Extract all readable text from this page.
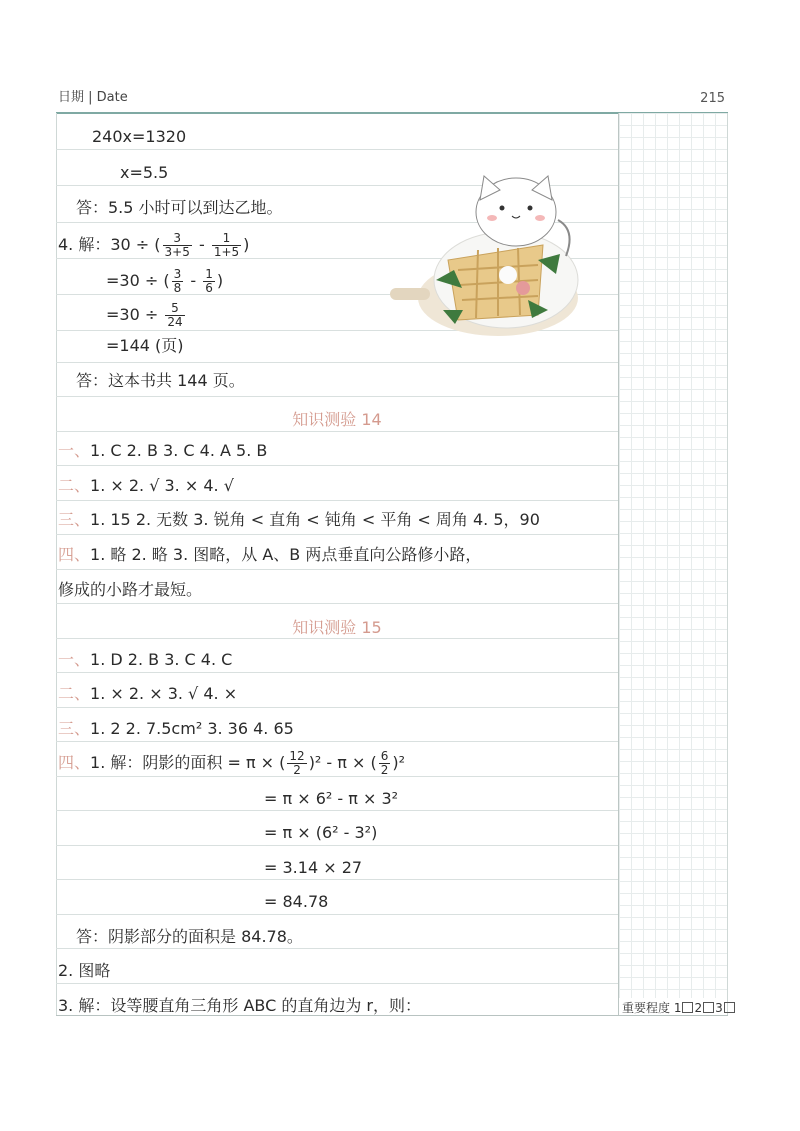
日期 | Date	215
240x=1320
x=5.5
答：5.5 小时可以到达乙地。
4. 解：30 ÷ ( $\frac{3}{3+5} - \frac{1}{1+5}$ )
=30 ÷ ( $\frac{3}{8} - \frac{1}{6}$ )
$=30 \div \frac{5}{24}$
=144 (页)
答：这本书共 144 页。
知识测验 14
一、1. C 2. B 3. C 4. A 5. B
二、1. × 2. √ 3. × 4. √
三、1. 15 2. 无数 3. 锐角 < 直角 < 钝角 < 平角 < 周角 4. 5，90
四、1. 略 2. 略 3. 图略，从 A、B 两点垂直向公路修小路，
修成的小路才最短。
知识测验 15
一、1. D 2. B 3. C 4. C
二、1. × 2. × 3. √ 4. ×
三、1. 2 2. 7.5cm² 3. 36 4. 65
四、1. 解：阴影的面积 = π × ( $\frac{12}{2} )^2$ - π × ( $\frac{6}{2} )^2$
= π × 6² - π × 3²
= π × (6² - 3²)
= 3.14 × 27
= 84.78
答：阴影部分的面积是 84.78。
2. 图略
3. 解：设等腰直角三角形 ABC 的直角边为 r，则：	重要程度 1 2 3
